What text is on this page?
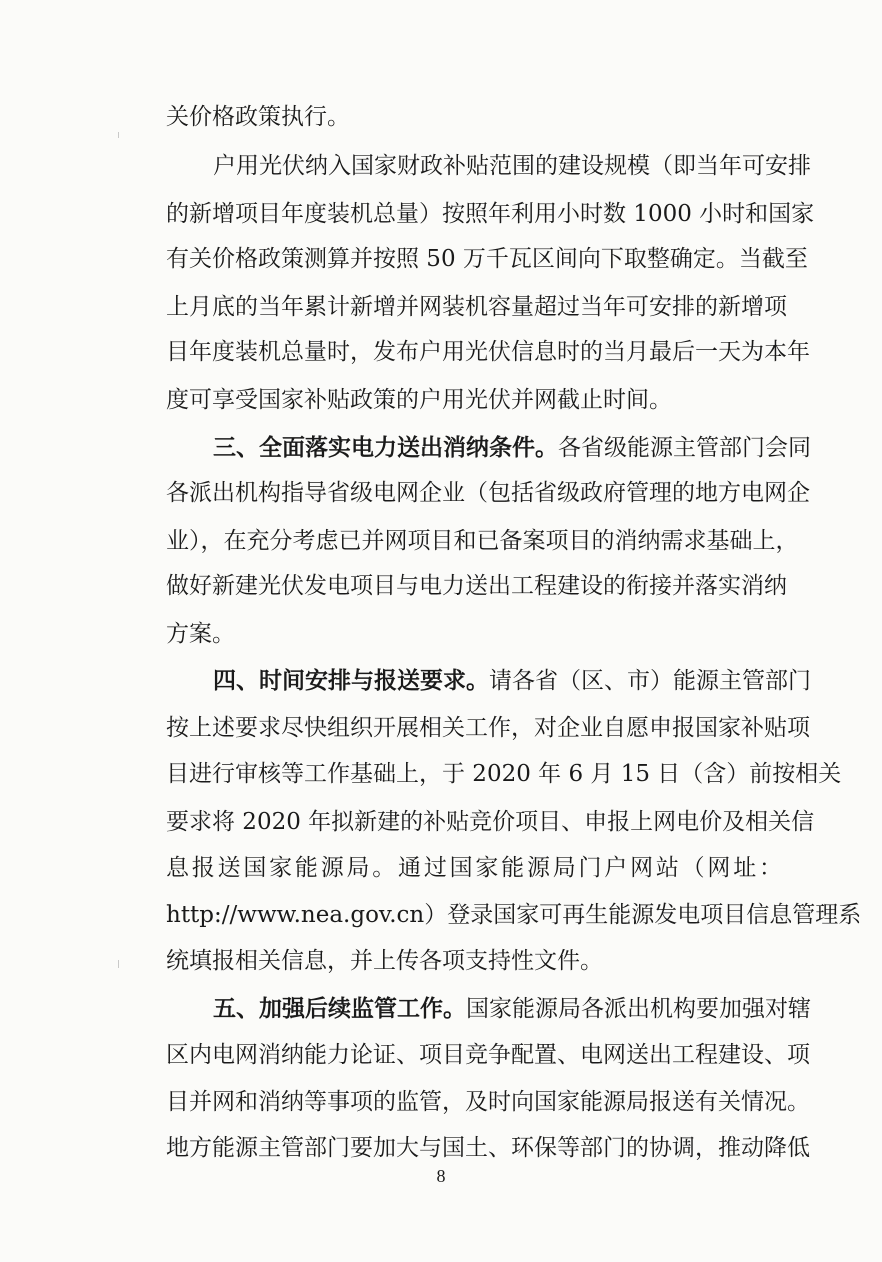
关价格政策执行。
户用光伏纳入国家财政补贴范围的建设规模（即当年可安排
的新增项目年度装机总量）按照年利用小时数 1000 小时和国家
有关价格政策测算并按照 50 万千瓦区间向下取整确定。当截至
上月底的当年累计新增并网装机容量超过当年可安排的新增项
目年度装机总量时，发布户用光伏信息时的当月最后一天为本年
度可享受国家补贴政策的户用光伏并网截止时间。
三、全面落实电力送出消纳条件。各省级能源主管部门会同
各派出机构指导省级电网企业（包括省级政府管理的地方电网企
业），在充分考虑已并网项目和已备案项目的消纳需求基础上，
做好新建光伏发电项目与电力送出工程建设的衔接并落实消纳
方案。
四、时间安排与报送要求。请各省（区、市）能源主管部门
按上述要求尽快组织开展相关工作，对企业自愿申报国家补贴项
目进行审核等工作基础上，于 2020 年 6 月 15 日（含）前按相关
要求将 2020 年拟新建的补贴竞价项目、申报上网电价及相关信
息报送国家能源局。通过国家能源局门户网站（网址：
http://www.nea.gov.cn）登录国家可再生能源发电项目信息管理系
统填报相关信息，并上传各项支持性文件。
五、加强后续监管工作。国家能源局各派出机构要加强对辖
区内电网消纳能力论证、项目竞争配置、电网送出工程建设、项
目并网和消纳等事项的监管，及时向国家能源局报送有关情况。
地方能源主管部门要加大与国土、环保等部门的协调，推动降低
8
